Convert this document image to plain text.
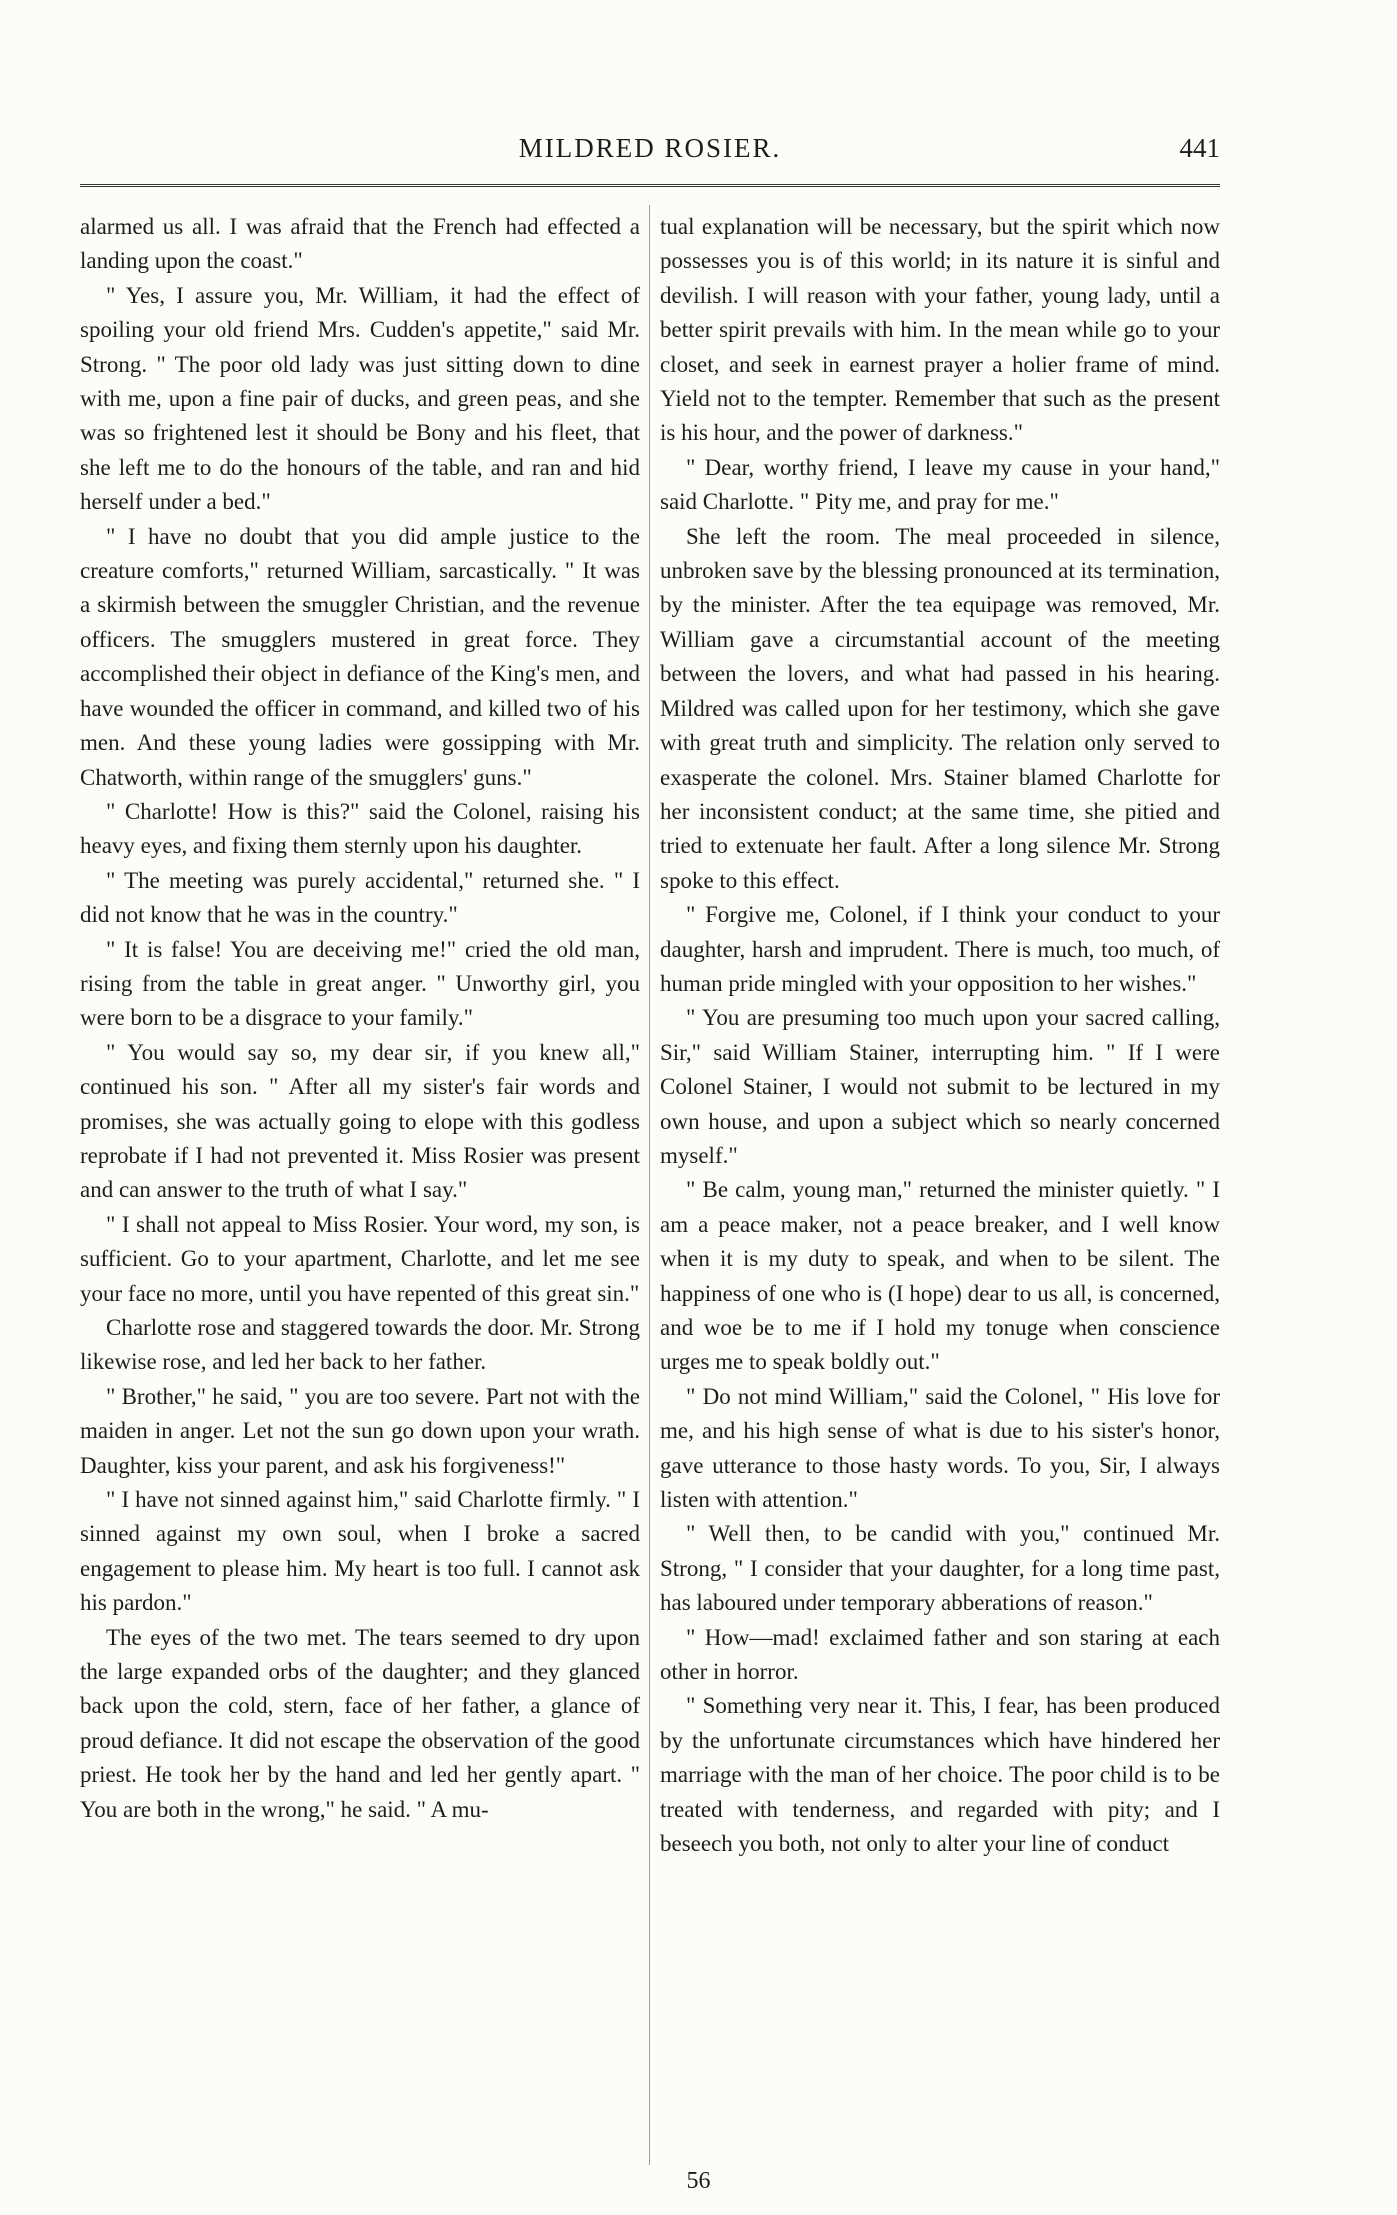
MILDRED ROSIER.	441

alarmed us all. I was afraid that the French had effected a landing upon the coast."

" Yes, I assure you, Mr. William, it had the effect of spoiling your old friend Mrs. Cudden's appetite," said Mr. Strong. " The poor old lady was just sitting down to dine with me, upon a fine pair of ducks, and green peas, and she was so frightened lest it should be Bony and his fleet, that she left me to do the honours of the table, and ran and hid herself under a bed."

" I have no doubt that you did ample justice to the creature comforts," returned William, sarcastically. " It was a skirmish between the smuggler Christian, and the revenue officers. The smugglers mustered in great force. They accomplished their object in defiance of the King's men, and have wounded the officer in command, and killed two of his men. And these young ladies were gossipping with Mr. Chatworth, within range of the smugglers' guns."

" Charlotte! How is this?" said the Colonel, raising his heavy eyes, and fixing them sternly upon his daughter.

" The meeting was purely accidental," returned she. " I did not know that he was in the country."

" It is false! You are deceiving me!" cried the old man, rising from the table in great anger. " Unworthy girl, you were born to be a disgrace to your family."

" You would say so, my dear sir, if you knew all," continued his son. " After all my sister's fair words and promises, she was actually going to elope with this godless reprobate if I had not prevented it. Miss Rosier was present and can answer to the truth of what I say."

" I shall not appeal to Miss Rosier. Your word, my son, is sufficient. Go to your apartment, Charlotte, and let me see your face no more, until you have repented of this great sin."

Charlotte rose and staggered towards the door. Mr. Strong likewise rose, and led her back to her father.

" Brother," he said, " you are too severe. Part not with the maiden in anger. Let not the sun go down upon your wrath. Daughter, kiss your parent, and ask his forgiveness!"

" I have not sinned against him," said Charlotte firmly. " I sinned against my own soul, when I broke a sacred engagement to please him. My heart is too full. I cannot ask his pardon."

The eyes of the two met. The tears seemed to dry upon the large expanded orbs of the daughter; and they glanced back upon the cold, stern, face of her father, a glance of proud defiance. It did not escape the observation of the good priest. He took her by the hand and led her gently apart. " You are both in the wrong," he said. " A mu-

tual explanation will be necessary, but the spirit which now possesses you is of this world; in its nature it is sinful and devilish. I will reason with your father, young lady, until a better spirit prevails with him. In the mean while go to your closet, and seek in earnest prayer a holier frame of mind. Yield not to the tempter. Remember that such as the present is his hour, and the power of darkness."

" Dear, worthy friend, I leave my cause in your hand," said Charlotte. " Pity me, and pray for me."

She left the room. The meal proceeded in silence, unbroken save by the blessing pronounced at its termination, by the minister. After the tea equipage was removed, Mr. William gave a circumstantial account of the meeting between the lovers, and what had passed in his hearing. Mildred was called upon for her testimony, which she gave with great truth and simplicity. The relation only served to exasperate the colonel. Mrs. Stainer blamed Charlotte for her inconsistent conduct; at the same time, she pitied and tried to extenuate her fault. After a long silence Mr. Strong spoke to this effect.

" Forgive me, Colonel, if I think your conduct to your daughter, harsh and imprudent. There is much, too much, of human pride mingled with your opposition to her wishes."

" You are presuming too much upon your sacred calling, Sir," said William Stainer, interrupting him. " If I were Colonel Stainer, I would not submit to be lectured in my own house, and upon a subject which so nearly concerned myself."

" Be calm, young man," returned the minister quietly. " I am a peace maker, not a peace breaker, and I well know when it is my duty to speak, and when to be silent. The happiness of one who is (I hope) dear to us all, is concerned, and woe be to me if I hold my tonuge when conscience urges me to speak boldly out."

" Do not mind William," said the Colonel, " His love for me, and his high sense of what is due to his sister's honor, gave utterance to those hasty words. To you, Sir, I always listen with attention."

" Well then, to be candid with you," continued Mr. Strong, " I consider that your daughter, for a long time past, has laboured under temporary abberations of reason."

" How—mad! exclaimed father and son staring at each other in horror.

" Something very near it. This, I fear, has been produced by the unfortunate circumstances which have hindered her marriage with the man of her choice. The poor child is to be treated with tenderness, and regarded with pity; and I beseech you both, not only to alter your line of conduct

56
